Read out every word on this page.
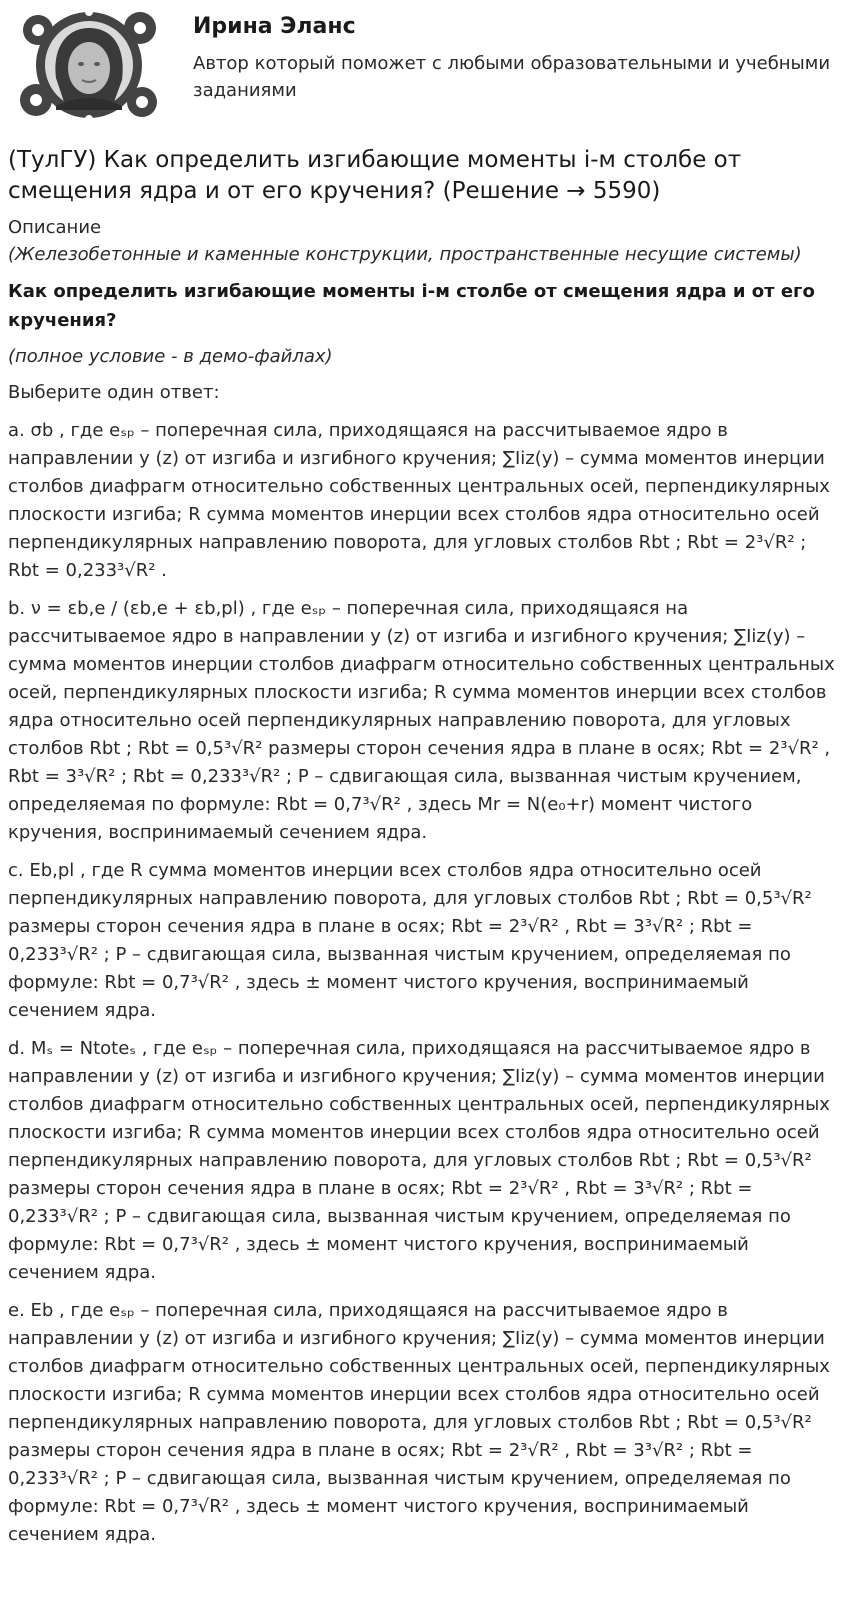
Ирина Эланс
Автор который поможет с любыми образовательными и учебными заданиями
(ТулГУ) Как определить изгибающие моменты i-м столбе от смещения ядра и от его кручения? (Решение → 5590)
Описание
(Железобетонные и каменные конструкции, пространственные несущие системы)
Как определить изгибающие моменты i-м столбе от смещения ядра и от его кручения?
(полное условие - в демо-файлах)
Выберите один ответ:
a. σb , где eₛₚ – поперечная сила, приходящаяся на рассчитываемое ядро в направлении у (z) от изгиба и изгибного кручения; ∑Iiz(y) – сумма моментов инерции столбов диафрагм относительно собственных центральных осей, перпендикулярных плоскости изгиба; R сумма моментов инерции всех столбов ядра относительно осей перпендикулярных направлению поворота, для угловых столбов Rbt ; Rbt = 2³√R² ; Rbt = 0,233³√R² .
b. ν = εb,e / (εb,e + εb,pl) , где eₛₚ – поперечная сила, приходящаяся на рассчитываемое ядро в направлении у (z) от изгиба и изгибного кручения; ∑Iiz(y) – сумма моментов инерции столбов диафрагм относительно собственных центральных осей, перпендикулярных плоскости изгиба; R сумма моментов инерции всех столбов ядра относительно осей перпендикулярных направлению поворота, для угловых столбов Rbt ; Rbt = 0,5³√R² размеры сторон сечения ядра в плане в осях; Rbt = 2³√R² , Rbt = 3³√R² ; Rbt = 0,233³√R² ; P – сдвигающая сила, вызванная чистым кручением, определяемая по формуле: Rbt = 0,7³√R² , здесь Mr = N(e₀+r) момент чистого кручения, воспринимаемый сечением ядра.
c. Eb,pl , где R сумма моментов инерции всех столбов ядра относительно осей перпендикулярных направлению поворота, для угловых столбов Rbt ; Rbt = 0,5³√R² размеры сторон сечения ядра в плане в осях; Rbt = 2³√R² , Rbt = 3³√R² ; Rbt = 0,233³√R² ; P – сдвигающая сила, вызванная чистым кручением, определяемая по формуле: Rbt = 0,7³√R² , здесь ± момент чистого кручения, воспринимаемый сечением ядра.
d. Mₛ = Ntoteₛ , где eₛₚ – поперечная сила, приходящаяся на рассчитываемое ядро в направлении у (z) от изгиба и изгибного кручения; ∑Iiz(y) – сумма моментов инерции столбов диафрагм относительно собственных центральных осей, перпендикулярных плоскости изгиба; R сумма моментов инерции всех столбов ядра относительно осей перпендикулярных направлению поворота, для угловых столбов Rbt ; Rbt = 0,5³√R² размеры сторон сечения ядра в плане в осях; Rbt = 2³√R² , Rbt = 3³√R² ; Rbt = 0,233³√R² ; P – сдвигающая сила, вызванная чистым кручением, определяемая по формуле: Rbt = 0,7³√R² , здесь ± момент чистого кручения, воспринимаемый сечением ядра.
e. Eb , где eₛₚ – поперечная сила, приходящаяся на рассчитываемое ядро в направлении у (z) от изгиба и изгибного кручения; ∑Iiz(y) – сумма моментов инерции столбов диафрагм относительно собственных центральных осей, перпендикулярных плоскости изгиба; R сумма моментов инерции всех столбов ядра относительно осей перпендикулярных направлению поворота, для угловых столбов Rbt ; Rbt = 0,5³√R² размеры сторон сечения ядра в плане в осях; Rbt = 2³√R² , Rbt = 3³√R² ; Rbt = 0,233³√R² ; P – сдвигающая сила, вызванная чистым кручением, определяемая по формуле: Rbt = 0,7³√R² , здесь ± момент чистого кручения, воспринимаемый сечением ядра.
